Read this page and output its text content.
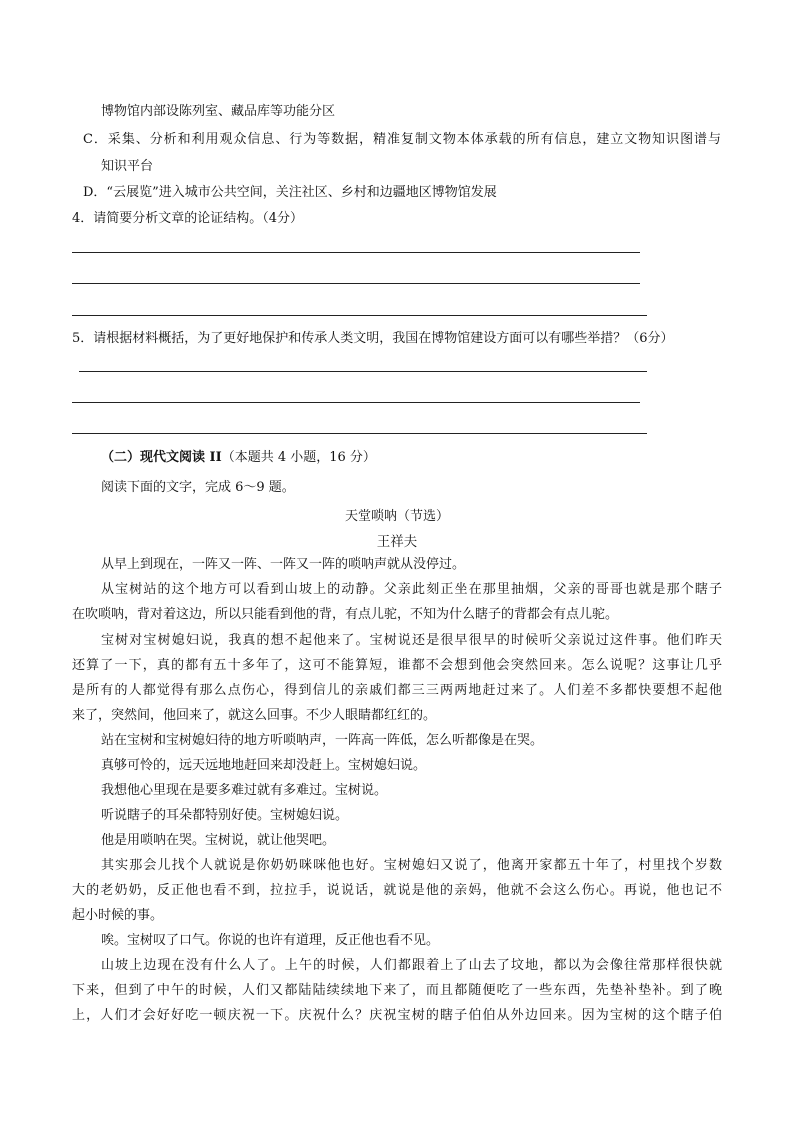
博物馆内部设陈列室、藏品库等功能分区
C．采集、分析和利用观众信息、行为等数据，精准复制文物本体承载的所有信息，建立文物知识图谱与
知识平台
D．“云展览”进入城市公共空间，关注社区、乡村和边疆地区博物馆发展
4．请简要分析文章的论证结构。（4分）
5．请根据材料概括，为了更好地保护和传承人类文明，我国在博物馆建设方面可以有哪些举措？（6分）
（二）现代文阅读 II（本题共 4 小题，16 分）
阅读下面的文字，完成 6～9 题。
天堂唢呐（节选）
王祥夫
从早上到现在，一阵又一阵、一阵又一阵的唢呐声就从没停过。
从宝树站的这个地方可以看到山坡上的动静。父亲此刻正坐在那里抽烟，父亲的哥哥也就是那个瞎子
在吹唢呐，背对着这边，所以只能看到他的背，有点儿驼，不知为什么瞎子的背都会有点儿驼。
宝树对宝树媳妇说，我真的想不起他来了。宝树说还是很早很早的时候听父亲说过这件事。他们昨天
还算了一下，真的都有五十多年了，这可不能算短，谁都不会想到他会突然回来。怎么说呢？这事让几乎
是所有的人都觉得有那么点伤心，得到信儿的亲戚们都三三两两地赶过来了。人们差不多都快要想不起他
来了，突然间，他回来了，就这么回事。不少人眼睛都红红的。
站在宝树和宝树媳妇待的地方听唢呐声，一阵高一阵低，怎么听都像是在哭。
真够可怜的，远天远地地赶回来却没赶上。宝树媳妇说。
我想他心里现在是要多难过就有多难过。宝树说。
听说瞎子的耳朵都特别好使。宝树媳妇说。
他是用唢呐在哭。宝树说，就让他哭吧。
其实那会儿找个人就说是你奶奶咪咪他也好。宝树媳妇又说了，他离开家都五十年了，村里找个岁数
大的老奶奶，反正他也看不到，拉拉手，说说话，就说是他的亲妈，他就不会这么伤心。再说，他也记不
起小时候的事。
唉。宝树叹了口气。你说的也许有道理，反正他也看不见。
山坡上边现在没有什么人了。上午的时候，人们都跟着上了山去了坟地，都以为会像往常那样很快就
下来，但到了中午的时候，人们又都陆陆续续地下来了，而且都随便吃了一些东西，先垫补垫补。到了晚
上，人们才会好好吃一顿庆祝一下。庆祝什么？庆祝宝树的瞎子伯伯从外边回来。因为宝树的这个瞎子伯
